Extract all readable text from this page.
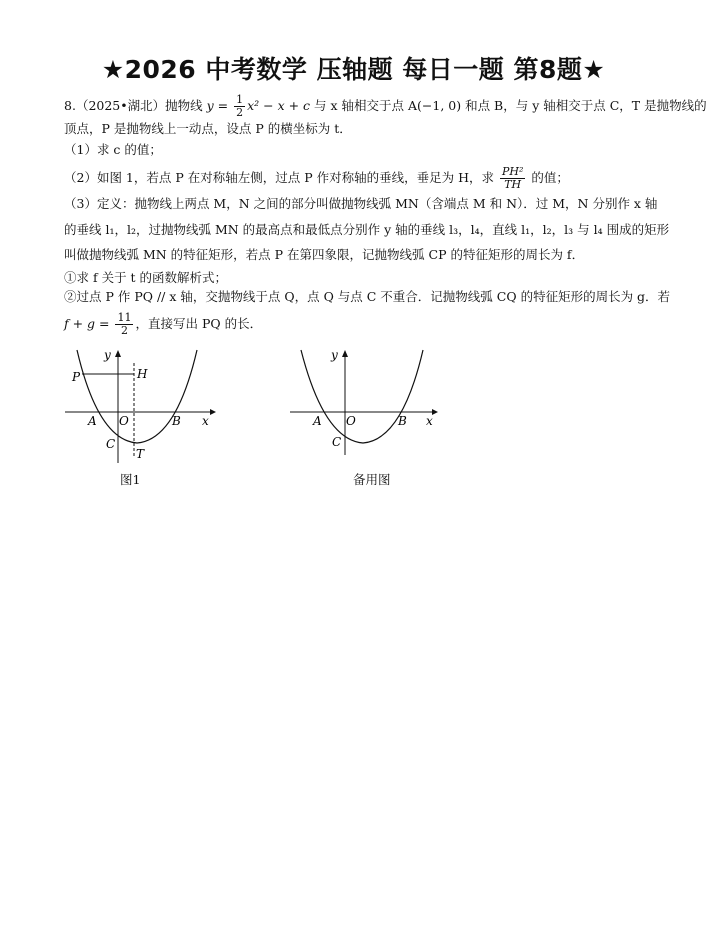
★2026 中考数学 压轴题 每日一题 第8题★
8.（2025•湖北）抛物线 $y = \frac{1}{2} x^2 - x + c$ 与 x 轴相交于点 A(−1, 0) 和点 B，与 y 轴相交于点 C，T 是抛物线的
顶点，P 是抛物线上一动点，设点 P 的横坐标为 t．
（1）求 c 的值；
（2）如图 1，若点 P 在对称轴左侧，过点 P 作对称轴的垂线，垂足为 H，求 $\frac{\text{PH²}}{TH}$ 的值；
（3）定义：抛物线上两点 M，N 之间的部分叫做抛物线弧 MN（含端点 M 和 N）．过 M，N 分别作 x 轴
的垂线 l₁，l₂，过抛物线弧 MN 的最高点和最低点分别作 y 轴的垂线 l₃，l₄，直线 l₁，l₂，l₃ 与 l₄ 围成的矩形
叫做抛物线弧 MN 的特征矩形，若点 P 在第四象限，记抛物线弧 CP 的特征矩形的周长为 f．
①求 f 关于 t 的函数解析式；
②过点 P 作 PQ // x 轴，交抛物线于点 Q，点 Q 与点 C 不重合．记抛物线弧 CQ 的特征矩形的周长为 g．若
$f + g = \frac{11}{2}$ ，直接写出 PQ 的长．
y
x
O
A	B
C
P	H
T
图1
y
x
O
A	B
C
备用图
